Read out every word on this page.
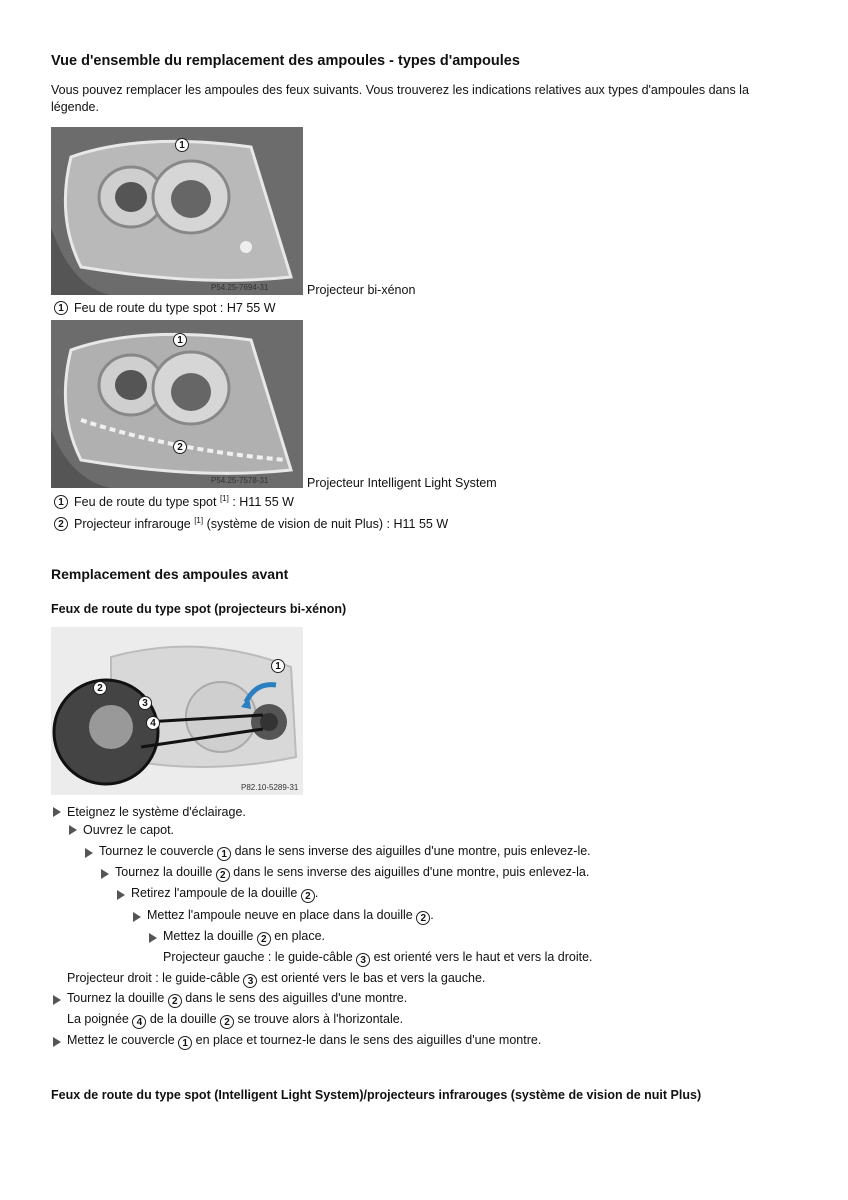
Vue d'ensemble du remplacement des ampoules - types d'ampoules
Vous pouvez remplacer les ampoules des feux suivants. Vous trouverez les indications relatives aux types d'ampoules dans la légende.
1
P54.25-7694-31	Projecteur bi-xénon
1 Feu de route du type spot : H7 55 W
1
2
P54.25-7578-31	Projecteur Intelligent Light System
1 Feu de route du type spot [1] : H11 55 W
2 Projecteur infrarouge [1] (système de vision de nuit Plus) : H11 55 W
Remplacement des ampoules avant
Feux de route du type spot (projecteurs bi-xénon)
1
2
3
4
P82.10-5289-31
Eteignez le système d'éclairage.
Ouvrez le capot.
Tournez le couvercle 1 dans le sens inverse des aiguilles d'une montre, puis enlevez-le.
Tournez la douille 2 dans le sens inverse des aiguilles d'une montre, puis enlevez-la.
Retirez l'ampoule de la douille 2 .
Mettez l'ampoule neuve en place dans la douille 2 .
Mettez la douille 2 en place.
Projecteur gauche : le guide-câble 3 est orienté vers le haut et vers la droite.
Projecteur droit : le guide-câble 3 est orienté vers le bas et vers la gauche.
Tournez la douille 2 dans le sens des aiguilles d'une montre.
La poignée 4 de la douille 2 se trouve alors à l'horizontale.
Mettez le couvercle 1 en place et tournez-le dans le sens des aiguilles d'une montre.
Feux de route du type spot (Intelligent Light System)/projecteurs infrarouges (système de vision de nuit Plus)
